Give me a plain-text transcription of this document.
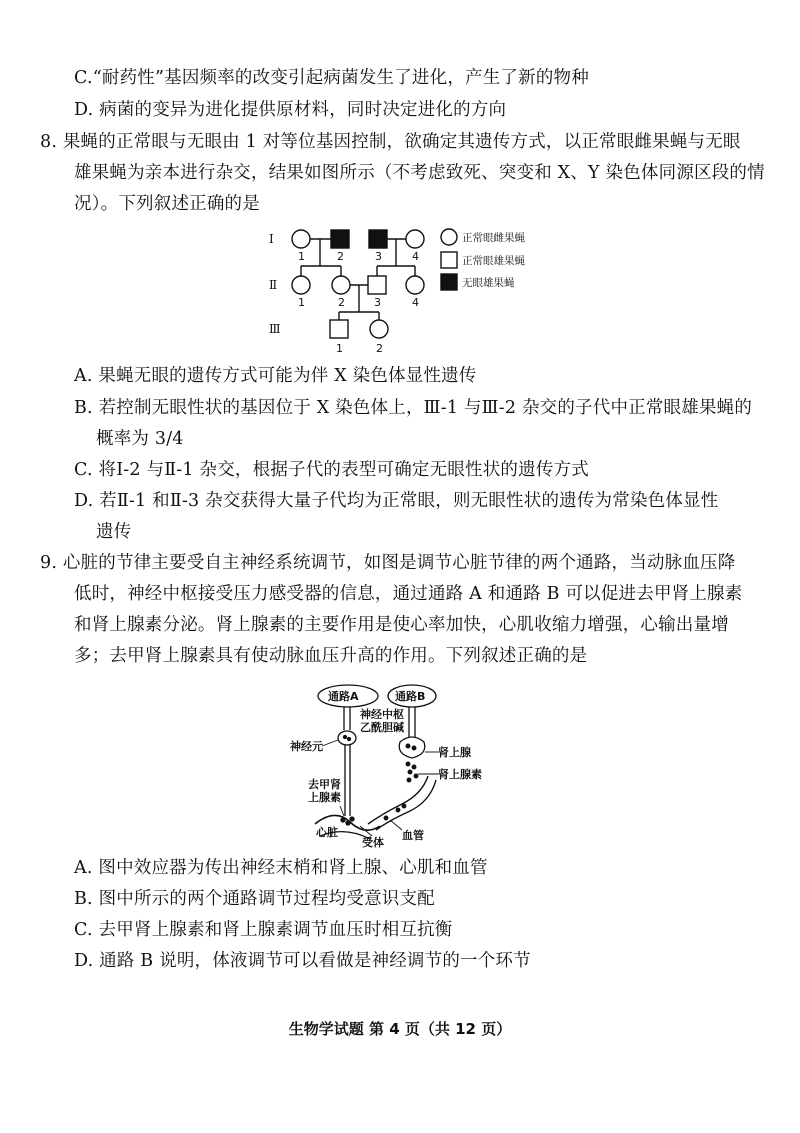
C.“耐药性”基因频率的改变引起病菌发生了进化，产生了新的物种
D. 病菌的变异为进化提供原材料，同时决定进化的方向
8. 果蝇的正常眼与无眼由 1 对等位基因控制，欲确定其遗传方式，以正常眼雌果蝇与无眼
雄果蝇为亲本进行杂交，结果如图所示（不考虑致死、突变和 X、Y 染色体同源区段的情
况）。下列叙述正确的是
Ⅰ
Ⅱ
Ⅲ
1	2	3	4
1	2	3	4
1	2
正常眼雌果蝇
正常眼雄果蝇
无眼雄果蝇
A. 果蝇无眼的遗传方式可能为伴 X 染色体显性遗传
B. 若控制无眼性状的基因位于 X 染色体上，Ⅲ-1 与Ⅲ-2 杂交的子代中正常眼雄果蝇的
概率为 3/4
C. 将Ⅰ-2 与Ⅱ-1 杂交，根据子代的表型可确定无眼性状的遗传方式
D. 若Ⅱ-1 和Ⅱ-3 杂交获得大量子代均为正常眼，则无眼性状的遗传为常染色体显性
遗传
9. 心脏的节律主要受自主神经系统调节，如图是调节心脏节律的两个通路，当动脉血压降
低时，神经中枢接受压力感受器的信息，通过通路 A 和通路 B 可以促进去甲肾上腺素
和肾上腺素分泌。肾上腺素的主要作用是使心率加快，心肌收缩力增强，心输出量增
多；去甲肾上腺素具有使动脉血压升高的作用。下列叙述正确的是
通路A	通路B
神经中枢
乙酰胆碱
神经元	肾上腺
肾上腺素
去甲肾
上腺素
心脏
受体
血管
A. 图中效应器为传出神经末梢和肾上腺、心肌和血管
B. 图中所示的两个通路调节过程均受意识支配
C. 去甲肾上腺素和肾上腺素调节血压时相互抗衡
D. 通路 B 说明，体液调节可以看做是神经调节的一个环节
生物学试题 第 4 页（共 12 页）
